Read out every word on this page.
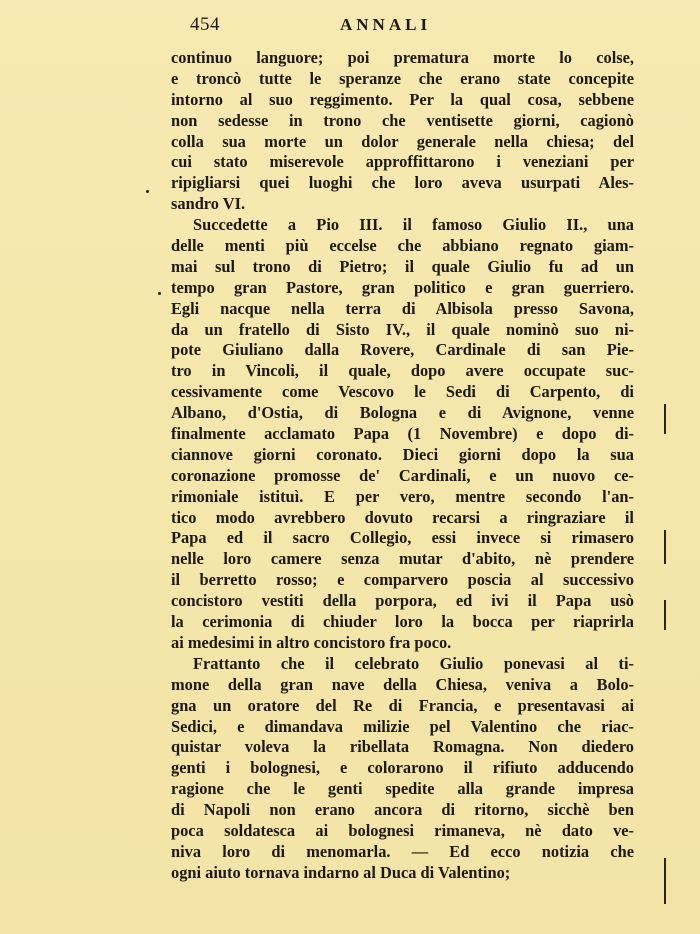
454	ANNALI
continuo languore; poi prematura morte lo colse,
e troncò tutte le speranze che erano state concepite
intorno al suo reggimento. Per la qual cosa, sebbene
non sedesse in trono che ventisette giorni, cagionò
colla sua morte un dolor generale nella chiesa; del
cui stato miserevole approffittarono i veneziani per
ripigliarsi quei luoghi che loro aveva usurpati Ales-
sandro VI.
Succedette a Pio III. il famoso Giulio II., una
delle menti più eccelse che abbiano regnato giam-
mai sul trono di Pietro; il quale Giulio fu ad un
tempo gran Pastore, gran politico e gran guerriero.
Egli nacque nella terra di Albisola presso Savona,
da un fratello di Sisto IV., il quale nominò suo ni-
pote Giuliano dalla Rovere, Cardinale di san Pie-
tro in Vincoli, il quale, dopo avere occupate suc-
cessivamente come Vescovo le Sedi di Carpento, di
Albano, d'Ostia, di Bologna e di Avignone, venne
finalmente acclamato Papa (1 Novembre) e dopo di-
ciannove giorni coronato. Dieci giorni dopo la sua
coronazione promosse de' Cardinali, e un nuovo ce-
rimoniale istituì. E per vero, mentre secondo l'an-
tico modo avrebbero dovuto recarsi a ringraziare il
Papa ed il sacro Collegio, essi invece si rimasero
nelle loro camere senza mutar d'abito, nè prendere
il berretto rosso; e comparvero poscia al successivo
concistoro vestiti della porpora, ed ivi il Papa usò
la cerimonia di chiuder loro la bocca per riaprirla
ai medesimi in altro concistoro fra poco.
Frattanto che il celebrato Giulio ponevasi al ti-
mone della gran nave della Chiesa, veniva a Bolo-
gna un oratore del Re di Francia, e presentavasi ai
Sedici, e dimandava milizie pel Valentino che riac-
quistar voleva la ribellata Romagna. Non diedero
genti i bolognesi, e colorarono il rifiuto adducendo
ragione che le genti spedite alla grande impresa
di Napoli non erano ancora di ritorno, sicchè ben
poca soldatesca ai bolognesi rimaneva, nè dato ve-
niva loro di menomarla. — Ed ecco notizia che
ogni aiuto tornava indarno al Duca di Valentino;
